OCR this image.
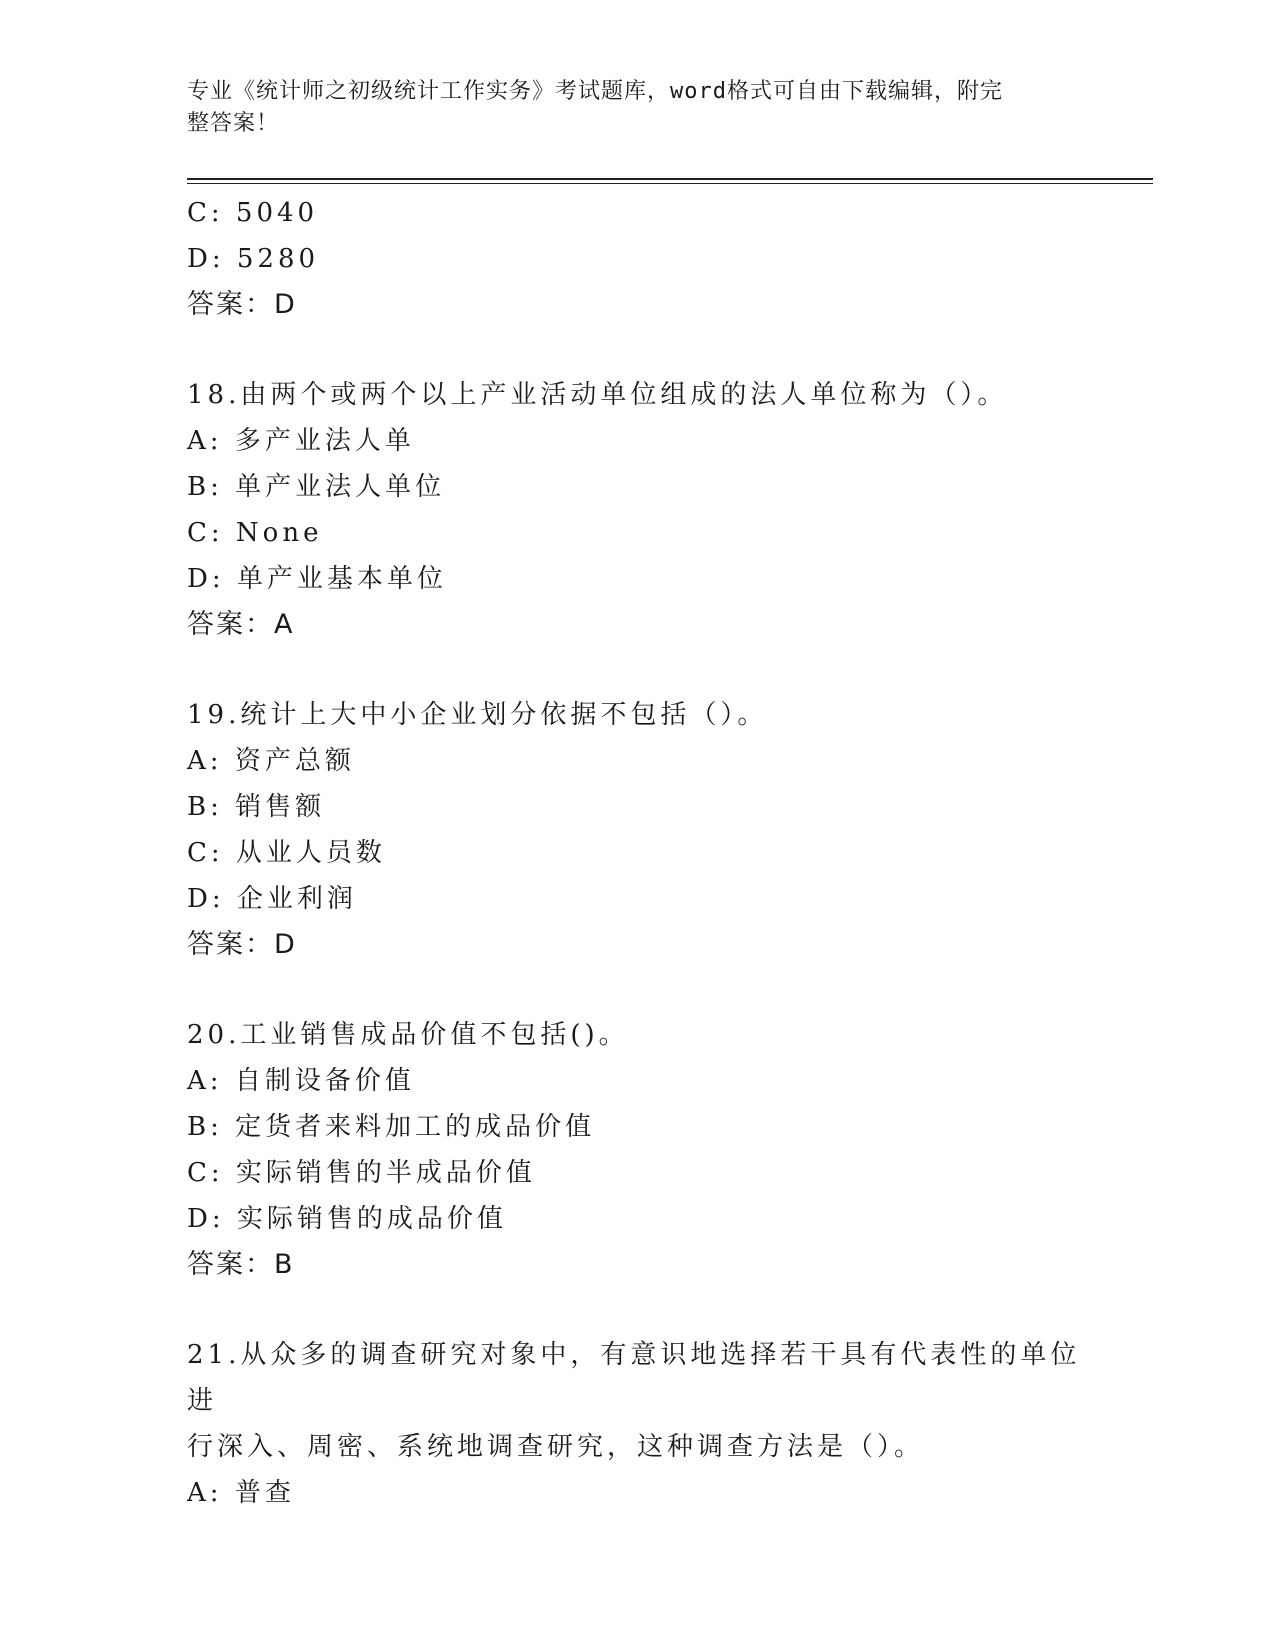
专业《统计师之初级统计工作实务》考试题库，word格式可自由下载编辑，附完
整答案！
C: 5040
D: 5280
答案：D
18.由两个或两个以上产业活动单位组成的法人单位称为（）。
A: 多产业法人单
B: 单产业法人单位
C: None
D: 单产业基本单位
答案：A
19.统计上大中小企业划分依据不包括（）。
A: 资产总额
B: 销售额
C: 从业人员数
D: 企业利润
答案：D
20.工业销售成品价值不包括()。
A: 自制设备价值
B: 定货者来料加工的成品价值
C: 实际销售的半成品价值
D: 实际销售的成品价值
答案：B
21.从众多的调查研究对象中，有意识地选择若干具有代表性的单位进
行深入、周密、系统地调查研究，这种调查方法是（）。
A: 普查
